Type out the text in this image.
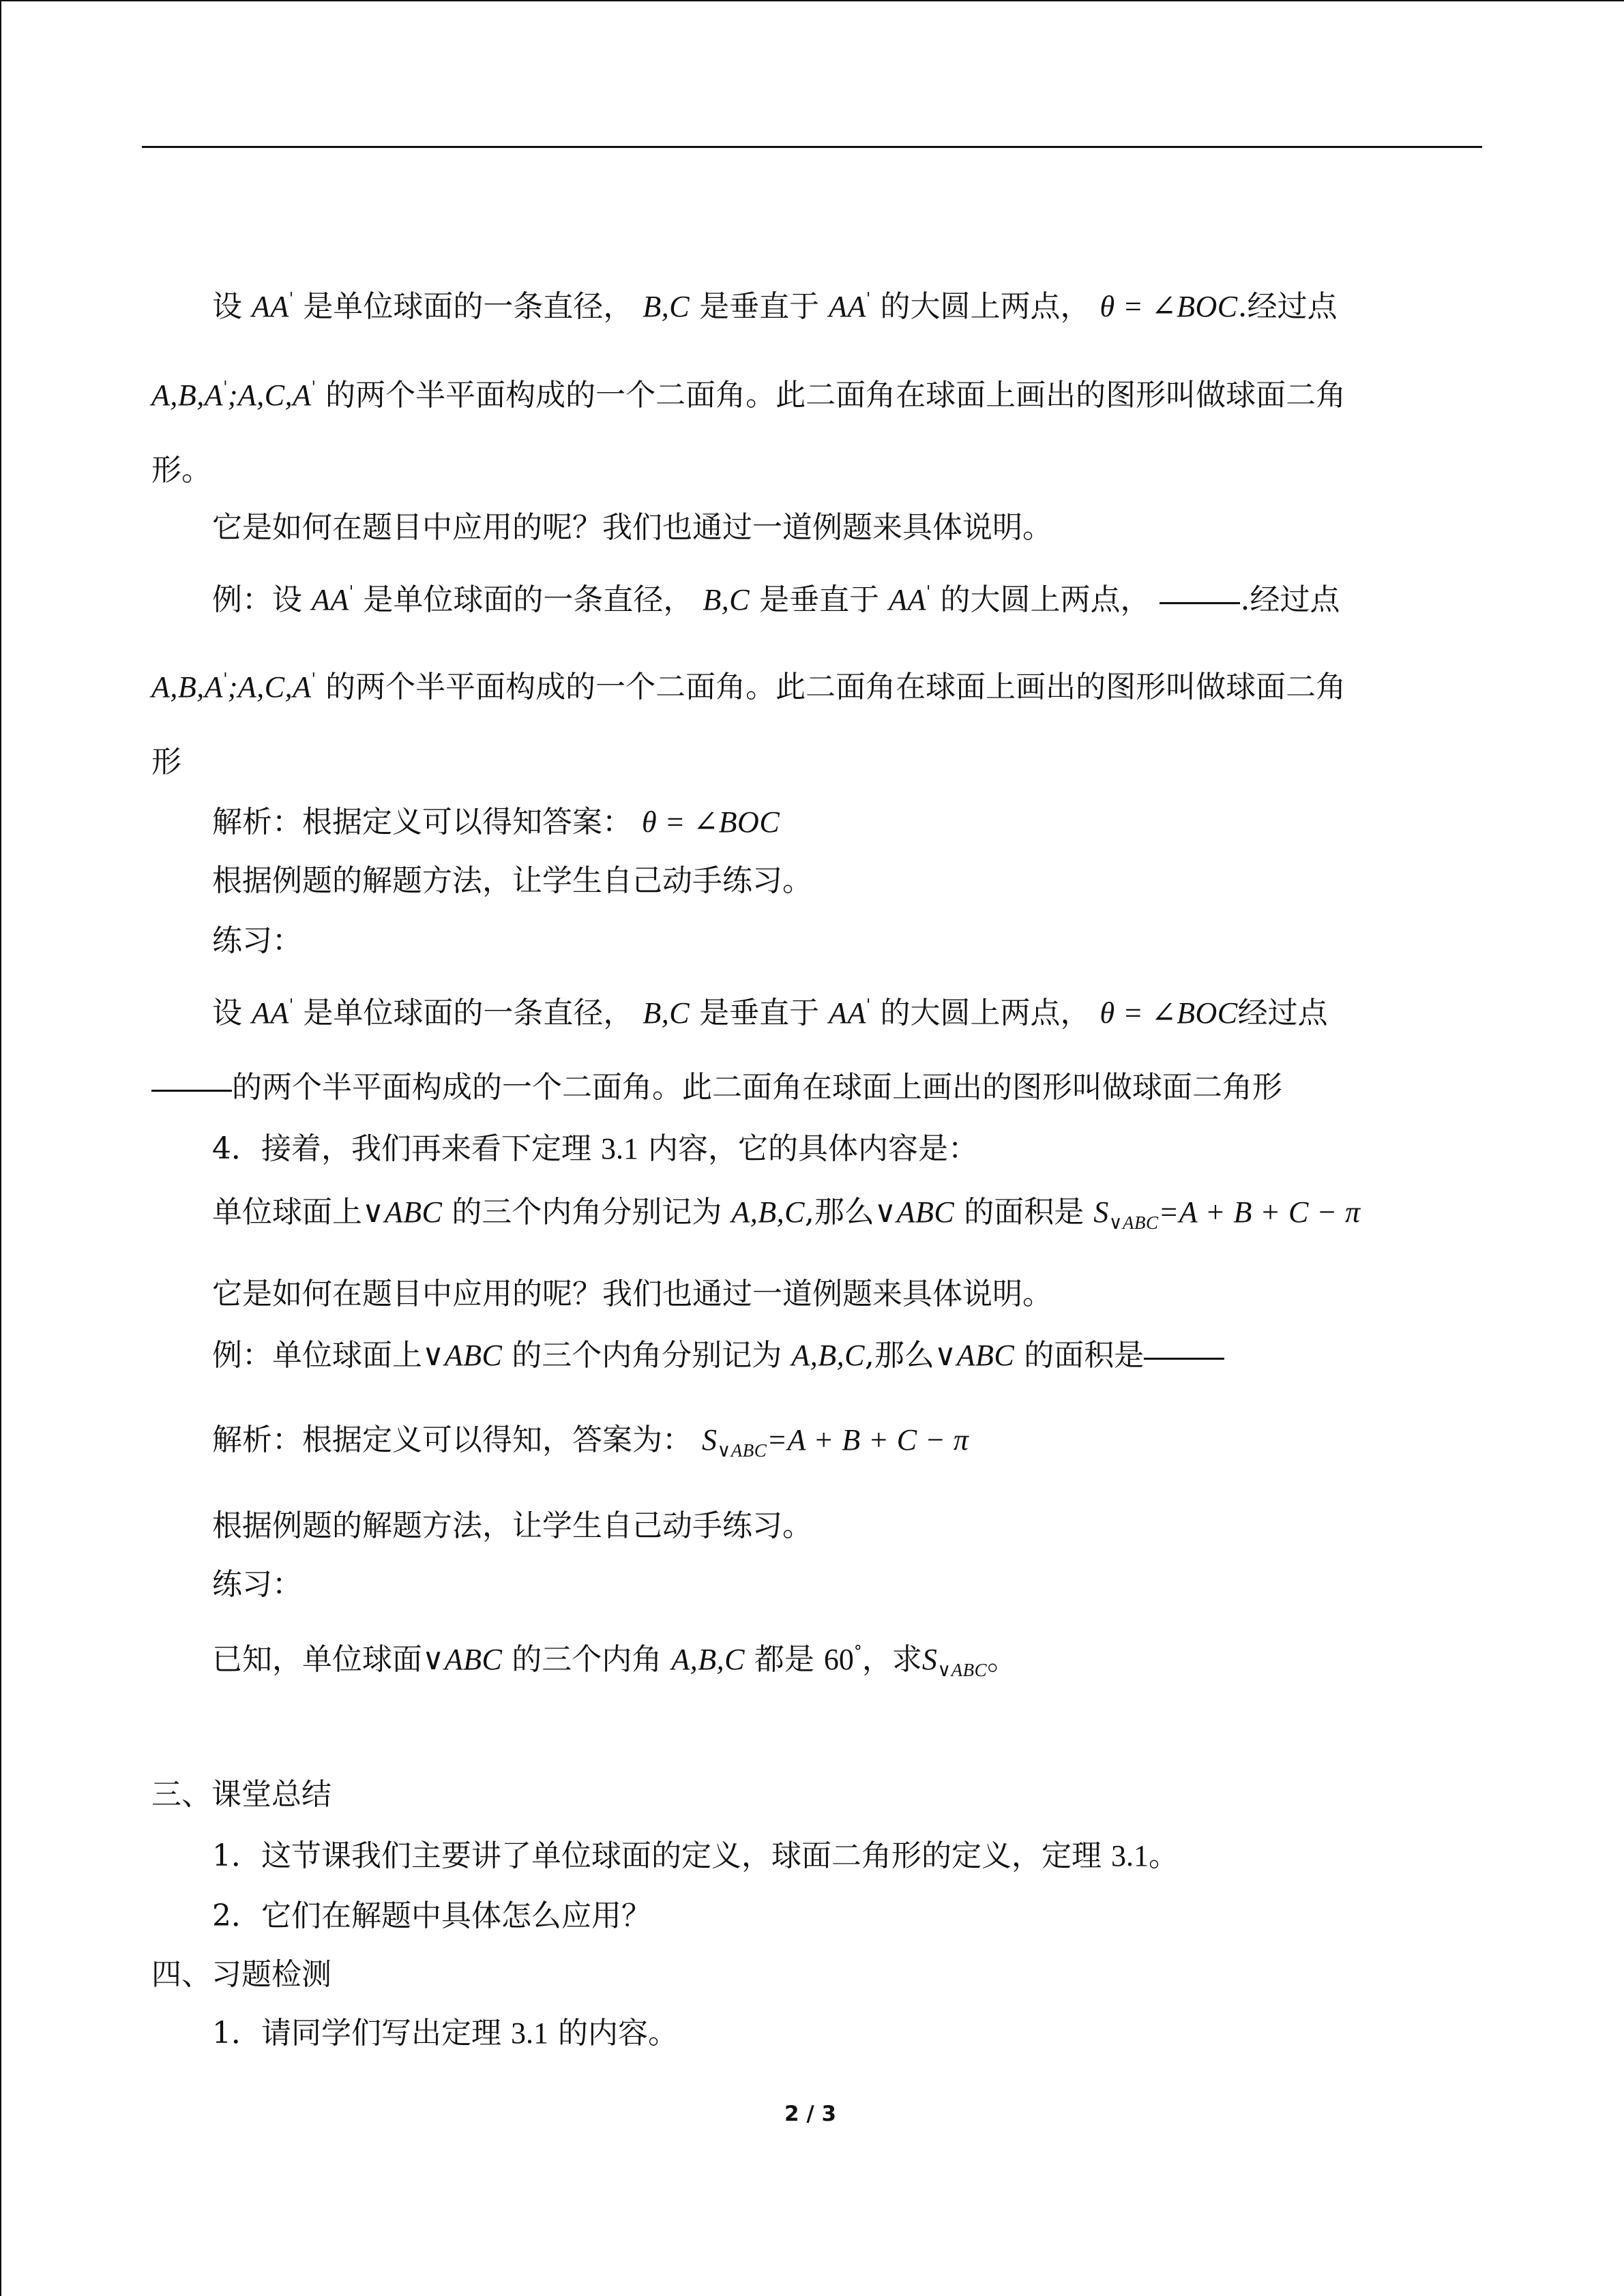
设 AA' 是单位球面的一条直径， B,C 是垂直于 AA' 的大圆上两点， θ = ∠BOC.经过点
A,B,A';A,C,A' 的两个半平面构成的一个二面角。此二面角在球面上画出的图形叫做球面二角
形。
它是如何在题目中应用的呢？我们也通过一道例题来具体说明。
例：设 AA' 是单位球面的一条直径， B,C 是垂直于 AA' 的大圆上两点，	.经过点
A,B,A';A,C,A' 的两个半平面构成的一个二面角。此二面角在球面上画出的图形叫做球面二角
形
解析：根据定义可以得知答案： θ = ∠BOC
根据例题的解题方法，让学生自己动手练习。
练习：
设 AA' 是单位球面的一条直径， B,C 是垂直于 AA' 的大圆上两点， θ = ∠BOC经过点
的两个半平面构成的一个二面角。此二面角在球面上画出的图形叫做球面二角形
4．接着，我们再来看下定理 3.1 内容，它的具体内容是：
单位球面上∨ABC 的三个内角分别记为 A,B,C,那么∨ABC 的面积是 $S_{\vee ABC}=A + B + C - \pi$
它是如何在题目中应用的呢？我们也通过一道例题来具体说明。
例：单位球面上∨ABC 的三个内角分别记为 A,B,C,那么∨ABC 的面积是
解析：根据定义可以得知，答案为： $S_{\vee ABC}=A + B + C - \pi$
根据例题的解题方法，让学生自己动手练习。
练习：
已知，单位球面∨ABC 的三个内角 A,B,C 都是 60°，求$S_{\vee ABC}$。
三、课堂总结
1．这节课我们主要讲了单位球面的定义，球面二角形的定义，定理 3.1。
2．它们在解题中具体怎么应用？
四、习题检测
1．请同学们写出定理 3.1 的内容。
2 / 3
